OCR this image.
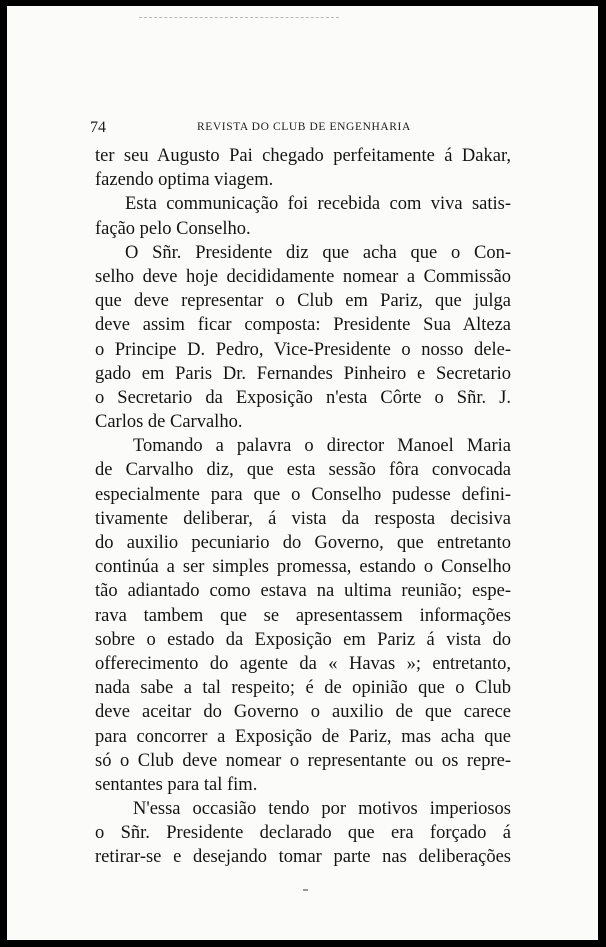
74	REVISTA DO CLUB DE ENGENHARIA
ter seu Augusto Pai chegado perfeitamente á Dakar,
fazendo optima viagem.
Esta communicação foi recebida com viva satis-
fação pelo Conselho.
O Sñr. Presidente diz que acha que o Con-
selho deve hoje decididamente nomear a Commissão
que deve representar o Club em Pariz, que julga
deve assim ficar composta: Presidente Sua Alteza
o Principe D. Pedro, Vice-Presidente o nosso dele-
gado em Paris Dr. Fernandes Pinheiro e Secretario
o Secretario da Exposição n'esta Côrte o Sñr. J.
Carlos de Carvalho.
Tomando a palavra o director Manoel Maria
de Carvalho diz, que esta sessão fôra convocada
especialmente para que o Conselho pudesse defini-
tivamente deliberar, á vista da resposta decisiva
do auxilio pecuniario do Governo, que entretanto
continúa a ser simples promessa, estando o Conselho
tão adiantado como estava na ultima reunião; espe-
rava tambem que se apresentassem informações
sobre o estado da Exposição em Pariz á vista do
offerecimento do agente da « Havas »; entretanto,
nada sabe a tal respeito; é de opinião que o Club
deve aceitar do Governo o auxilio de que carece
para concorrer a Exposição de Pariz, mas acha que
só o Club deve nomear o representante ou os repre-
sentantes para tal fim.
N'essa occasião tendo por motivos imperiosos
o Sñr. Presidente declarado que era forçado á
retirar-se e desejando tomar parte nas deliberações
